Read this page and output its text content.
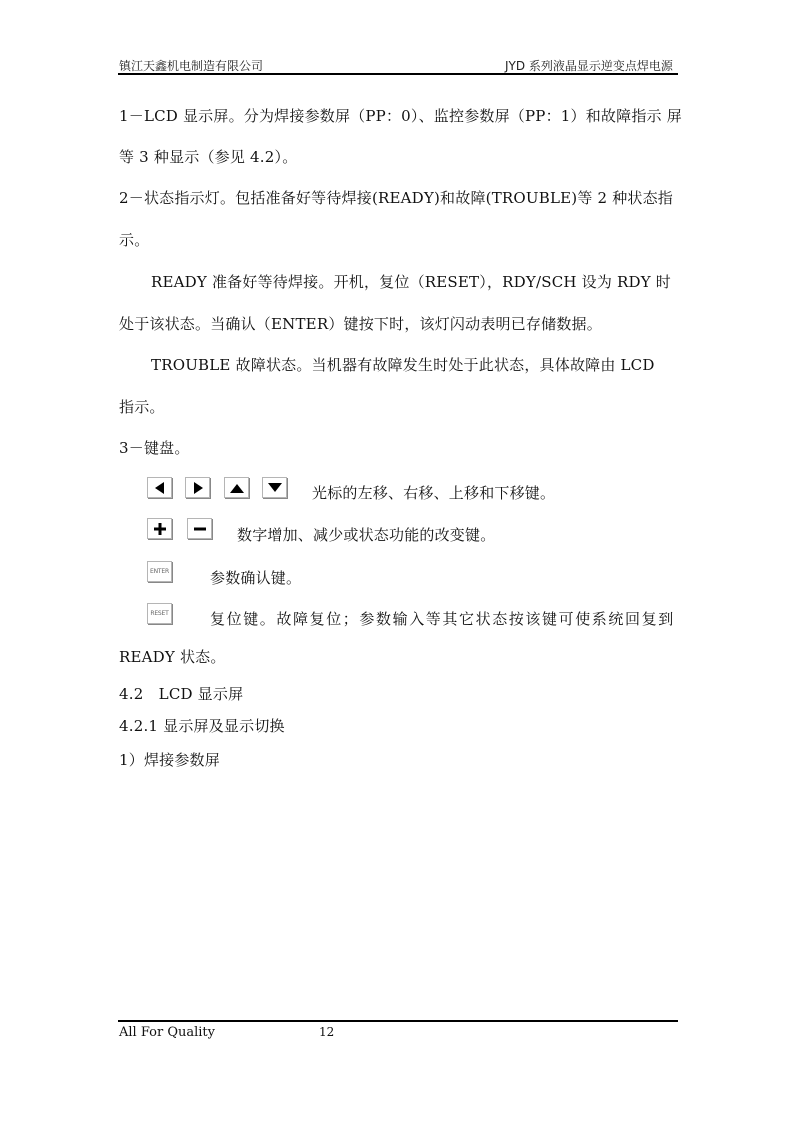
镇江天鑫机电制造有限公司	JYD 系列液晶显示逆变点焊电源
1－LCD 显示屏。分为焊接参数屏（PP：0）、监控参数屏（PP：1）和故障指示 屏
等 3 种显示（参见 4.2）。
2－状态指示灯。包括准备好等待焊接(READY)和故障(TROUBLE)等 2 种状态指
示。
READY 准备好等待焊接。开机，复位（RESET），RDY/SCH 设为 RDY 时
处于该状态。当确认（ENTER）键按下时，该灯闪动表明已存储数据。
TROUBLE 故障状态。当机器有故障发生时处于此状态，具体故障由 LCD
指示。
3－键盘。
光标的左移、右移、上移和下移键。
数字增加、减少或状态功能的改变键。
ENTER	参数确认键。
RESET	复位键。故障复位；参数输入等其它状态按该键可使系统回复到
READY 状态。
4.2　LCD 显示屏
4.2.1 显示屏及显示切换
1）焊接参数屏
All For Quality	12
